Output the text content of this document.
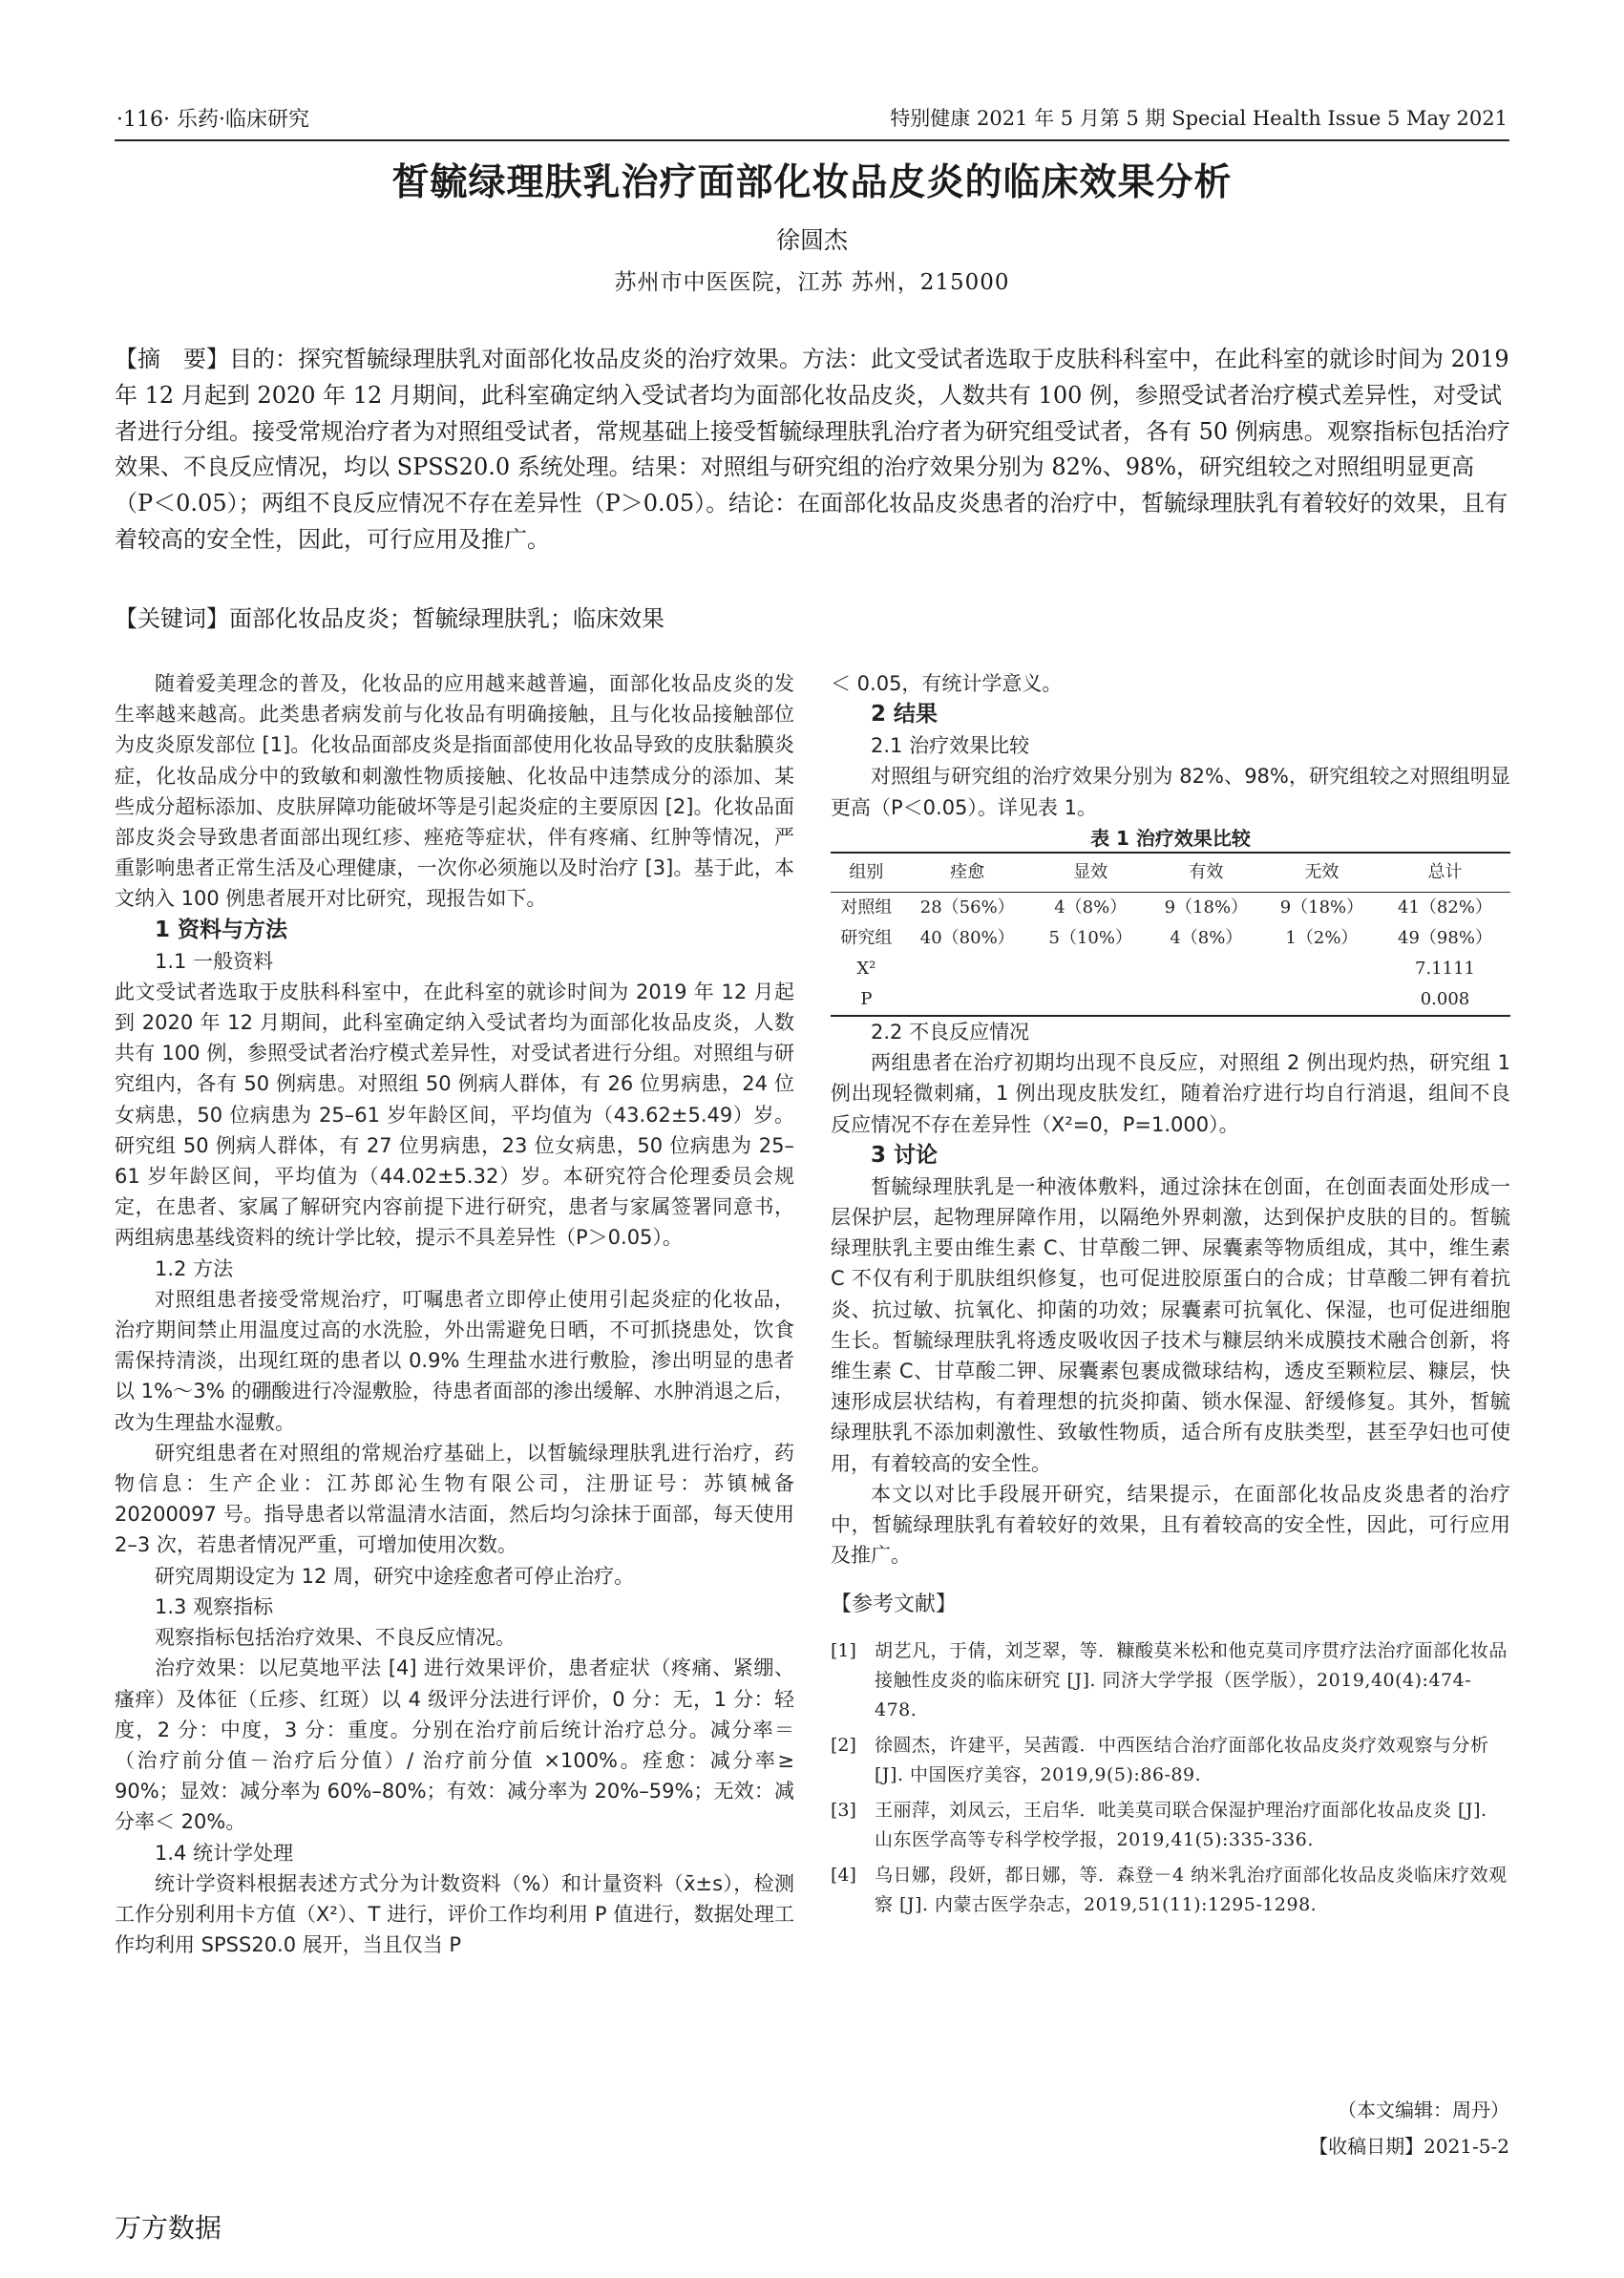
·116· 乐药·临床研究	特别健康 2021 年 5 月第 5 期 Special Health Issue 5 May 2021
皙毓绿理肤乳治疗面部化妆品皮炎的临床效果分析
徐圆杰
苏州市中医医院，江苏 苏州，215000
【摘　要】目的：探究皙毓绿理肤乳对面部化妆品皮炎的治疗效果。方法：此文受试者选取于皮肤科科室中，在此科室的就诊时间为 2019 年 12 月起到 2020 年 12 月期间，此科室确定纳入受试者均为面部化妆品皮炎，人数共有 100 例，参照受试者治疗模式差异性，对受试者进行分组。接受常规治疗者为对照组受试者，常规基础上接受皙毓绿理肤乳治疗者为研究组受试者，各有 50 例病患。观察指标包括治疗效果、不良反应情况，均以 SPSS20.0 系统处理。结果：对照组与研究组的治疗效果分别为 82%、98%，研究组较之对照组明显更高（P＜0.05）；两组不良反应情况不存在差异性（P＞0.05）。结论：在面部化妆品皮炎患者的治疗中，皙毓绿理肤乳有着较好的效果，且有着较高的安全性，因此，可行应用及推广。
【关键词】面部化妆品皮炎；皙毓绿理肤乳；临床效果

随着爱美理念的普及，化妆品的应用越来越普遍，面部化妆品皮炎的发生率越来越高。此类患者病发前与化妆品有明确接触，且与化妆品接触部位为皮炎原发部位 [1]。化妆品面部皮炎是指面部使用化妆品导致的皮肤黏膜炎症，化妆品成分中的致敏和刺激性物质接触、化妆品中违禁成分的添加、某些成分超标添加、皮肤屏障功能破坏等是引起炎症的主要原因 [2]。化妆品面部皮炎会导致患者面部出现红疹、痤疮等症状，伴有疼痛、红肿等情况，严重影响患者正常生活及心理健康，一次你必须施以及时治疗 [3]。基于此，本文纳入 100 例患者展开对比研究，现报告如下。

1 资料与方法
1.1 一般资料

此文受试者选取于皮肤科科室中，在此科室的就诊时间为 2019 年 12 月起到 2020 年 12 月期间，此科室确定纳入受试者均为面部化妆品皮炎，人数共有 100 例，参照受试者治疗模式差异性，对受试者进行分组。对照组与研究组内，各有 50 例病患。对照组 50 例病人群体，有 26 位男病患，24 位女病患，50 位病患为 25–61 岁年龄区间，平均值为（43.62±5.49）岁。研究组 50 例病人群体，有 27 位男病患，23 位女病患，50 位病患为 25–61 岁年龄区间，平均值为（44.02±5.32）岁。本研究符合伦理委员会规定，在患者、家属了解研究内容前提下进行研究，患者与家属签署同意书，两组病患基线资料的统计学比较，提示不具差异性（P＞0.05）。

1.2 方法

对照组患者接受常规治疗，叮嘱患者立即停止使用引起炎症的化妆品，治疗期间禁止用温度过高的水洗脸，外出需避免日晒，不可抓挠患处，饮食需保持清淡，出现红斑的患者以 0.9% 生理盐水进行敷脸，渗出明显的患者以 1%～3% 的硼酸进行冷湿敷脸，待患者面部的渗出缓解、水肿消退之后，改为生理盐水湿敷。

研究组患者在对照组的常规治疗基础上，以皙毓绿理肤乳进行治疗，药物信息：生产企业：江苏郎沁生物有限公司，注册证号：苏镇械备 20200097 号。指导患者以常温清水洁面，然后均匀涂抹于面部，每天使用 2–3 次，若患者情况严重，可增加使用次数。

研究周期设定为 12 周，研究中途痊愈者可停止治疗。

1.3 观察指标

观察指标包括治疗效果、不良反应情况。

治疗效果：以尼莫地平法 [4] 进行效果评价，患者症状（疼痛、紧绷、瘙痒）及体征（丘疹、红斑）以 4 级评分法进行评价，0 分：无，1 分：轻度，2 分：中度，3 分：重度。分别在治疗前后统计治疗总分。减分率＝（治疗前分值－治疗后分值）/ 治疗前分值 ×100%。痊愈：减分率≥ 90%；显效：减分率为 60%–80%；有效：减分率为 20%–59%；无效：减分率＜ 20%。

1.4 统计学处理

统计学资料根据表述方式分为计数资料（%）和计量资料（x̄±s），检测工作分别利用卡方值（X²）、T 进行，评价工作均利用 P 值进行，数据处理工作均利用 SPSS20.0 展开，当且仅当 P

＜ 0.05，有统计学意义。

2 结果
2.1 治疗效果比较

对照组与研究组的治疗效果分别为 82%、98%，研究组较之对照组明显更高（P＜0.05）。详见表 1。

表 1 治疗效果比较
组别	痊愈	显效	有效	无效	总计
对照组	28（56%）	4（8%）	9（18%）	9（18%）	41（82%）
研究组	40（80%）	5（10%）	4（8%）	1（2%）	49（98%）
X²					7.1111
P					0.008
2.2 不良反应情况

两组患者在治疗初期均出现不良反应，对照组 2 例出现灼热，研究组 1 例出现轻微刺痛，1 例出现皮肤发红，随着治疗进行均自行消退，组间不良反应情况不存在差异性（X²=0，P=1.000）。

3 讨论

皙毓绿理肤乳是一种液体敷料，通过涂抹在创面，在创面表面处形成一层保护层，起物理屏障作用，以隔绝外界刺激，达到保护皮肤的目的。皙毓绿理肤乳主要由维生素 C、甘草酸二钾、尿囊素等物质组成，其中，维生素 C 不仅有利于肌肤组织修复，也可促进胶原蛋白的合成；甘草酸二钾有着抗炎、抗过敏、抗氧化、抑菌的功效；尿囊素可抗氧化、保湿，也可促进细胞生长。皙毓绿理肤乳将透皮吸收因子技术与糠层纳米成膜技术融合创新，将维生素 C、甘草酸二钾、尿囊素包裹成微球结构，透皮至颗粒层、糠层，快速形成层状结构，有着理想的抗炎抑菌、锁水保湿、舒缓修复。其外，皙毓绿理肤乳不添加刺激性、致敏性物质，适合所有皮肤类型，甚至孕妇也可使用，有着较高的安全性。

本文以对比手段展开研究，结果提示，在面部化妆品皮炎患者的治疗中，皙毓绿理肤乳有着较好的效果，且有着较高的安全性，因此，可行应用及推广。

【参考文献】
[1]	胡艺凡，于倩，刘芝翠，等．糠酸莫米松和他克莫司序贯疗法治疗面部化妆品接触性皮炎的临床研究 [J]. 同济大学学报（医学版），2019,40(4):474-478.
[2]	徐圆杰，许建平，吴茜霞．中西医结合治疗面部化妆品皮炎疗效观察与分析 [J]. 中国医疗美容，2019,9(5):86-89.
[3]	王丽萍，刘凤云，王启华．吡美莫司联合保湿护理治疗面部化妆品皮炎 [J]. 山东医学高等专科学校学报，2019,41(5):335-336.
[4]	乌日娜，段妍，都日娜，等．森登－4 纳米乳治疗面部化妆品皮炎临床疗效观察 [J]. 内蒙古医学杂志，2019,51(11):1295-1298.
（本文编辑：周丹）
【收稿日期】2021-5-2
万方数据
